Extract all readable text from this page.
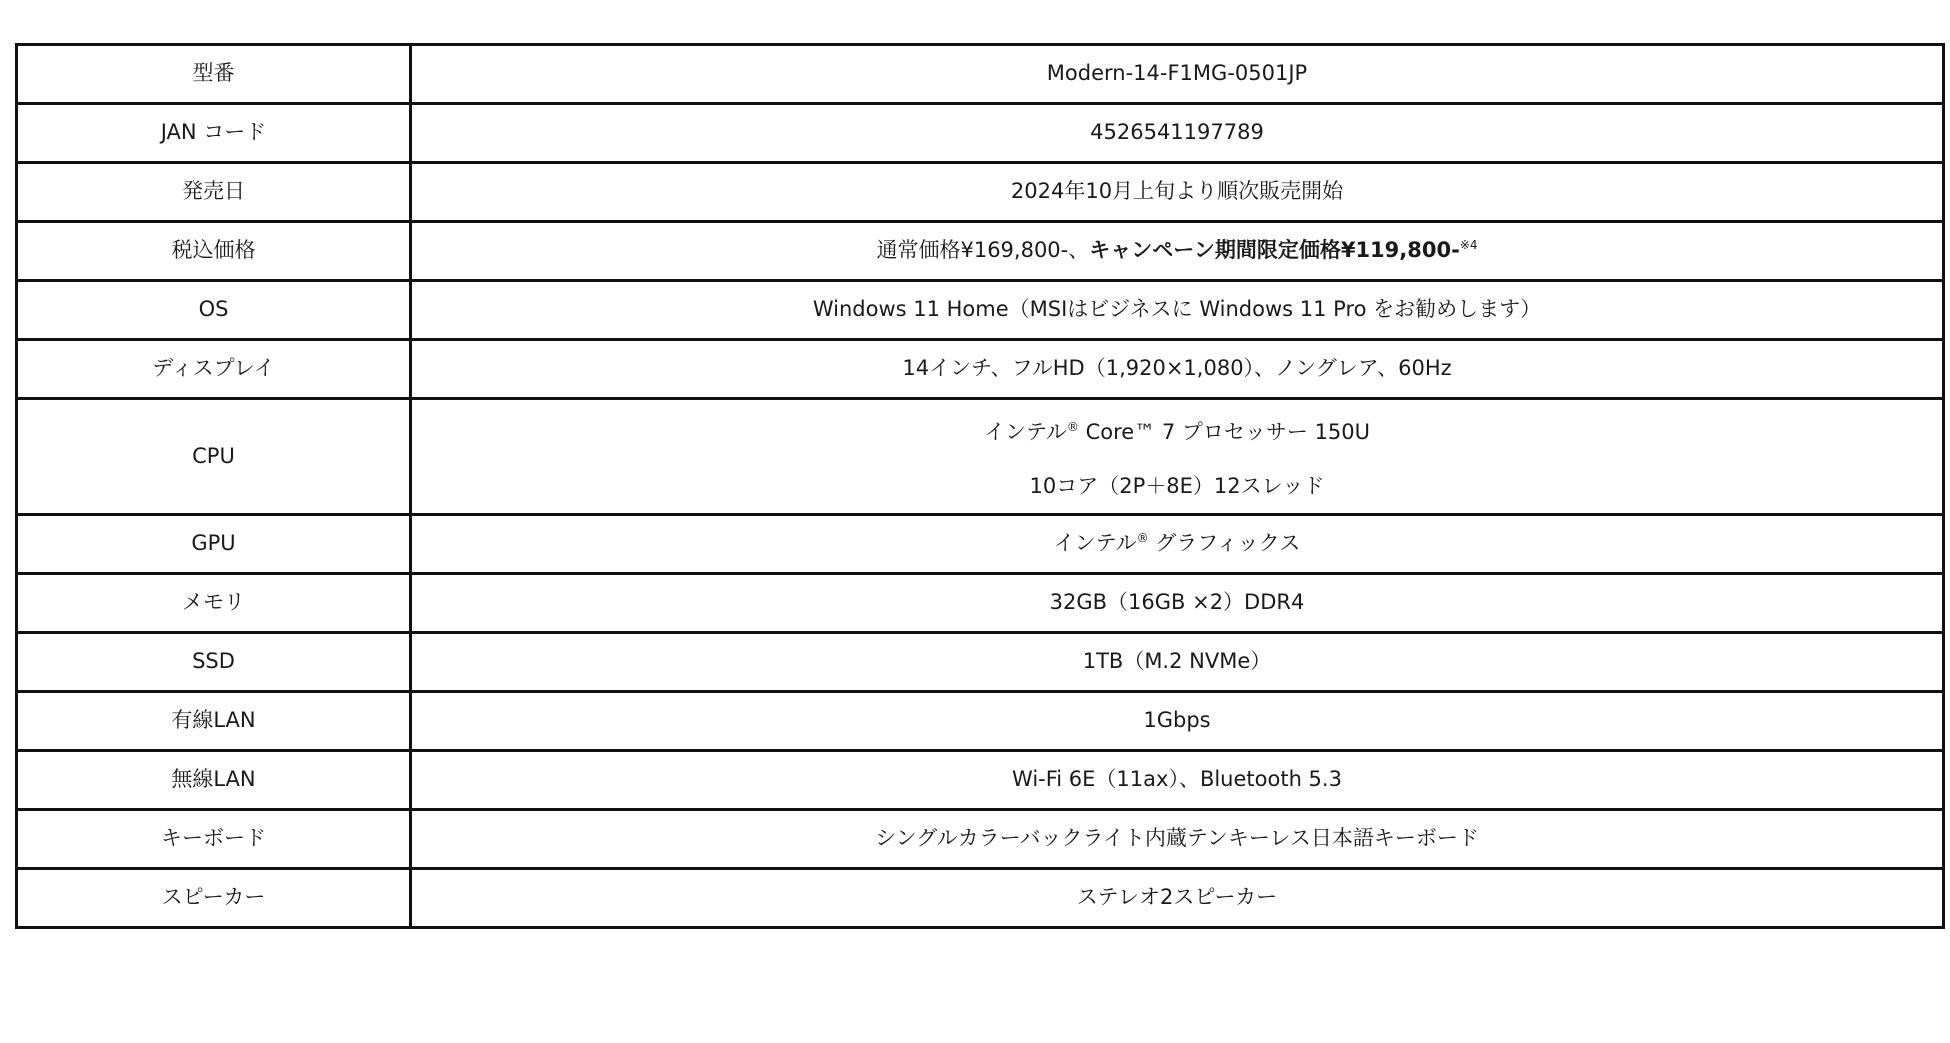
型番	Modern-14-F1MG-0501JP
JAN コード	4526541197789
発売日	2024年10月上旬より順次販売開始
税込価格	通常価格¥169,800-、キャンペーン期間限定価格¥119,800-$^{※4}$
OS	Windows 11 Home（MSIはビジネスに Windows 11 Pro をお勧めします）
ディスプレイ	14インチ、フルHD（1,920×1,080）、ノングレア、60Hz
CPU	インテル® Core™ 7 プロセッサー 150U
10コア（2P＋8E）12スレッド

GPU	インテル® グラフィックス
メモリ	32GB（16GB ×2）DDR4
SSD	1TB（M.2 NVMe）
有線LAN	1Gbps
無線LAN	Wi-Fi 6E（11ax）、Bluetooth 5.3
キーボード	シングルカラーバックライト内蔵テンキーレス日本語キーボード
スピーカー	ステレオ2スピーカー
